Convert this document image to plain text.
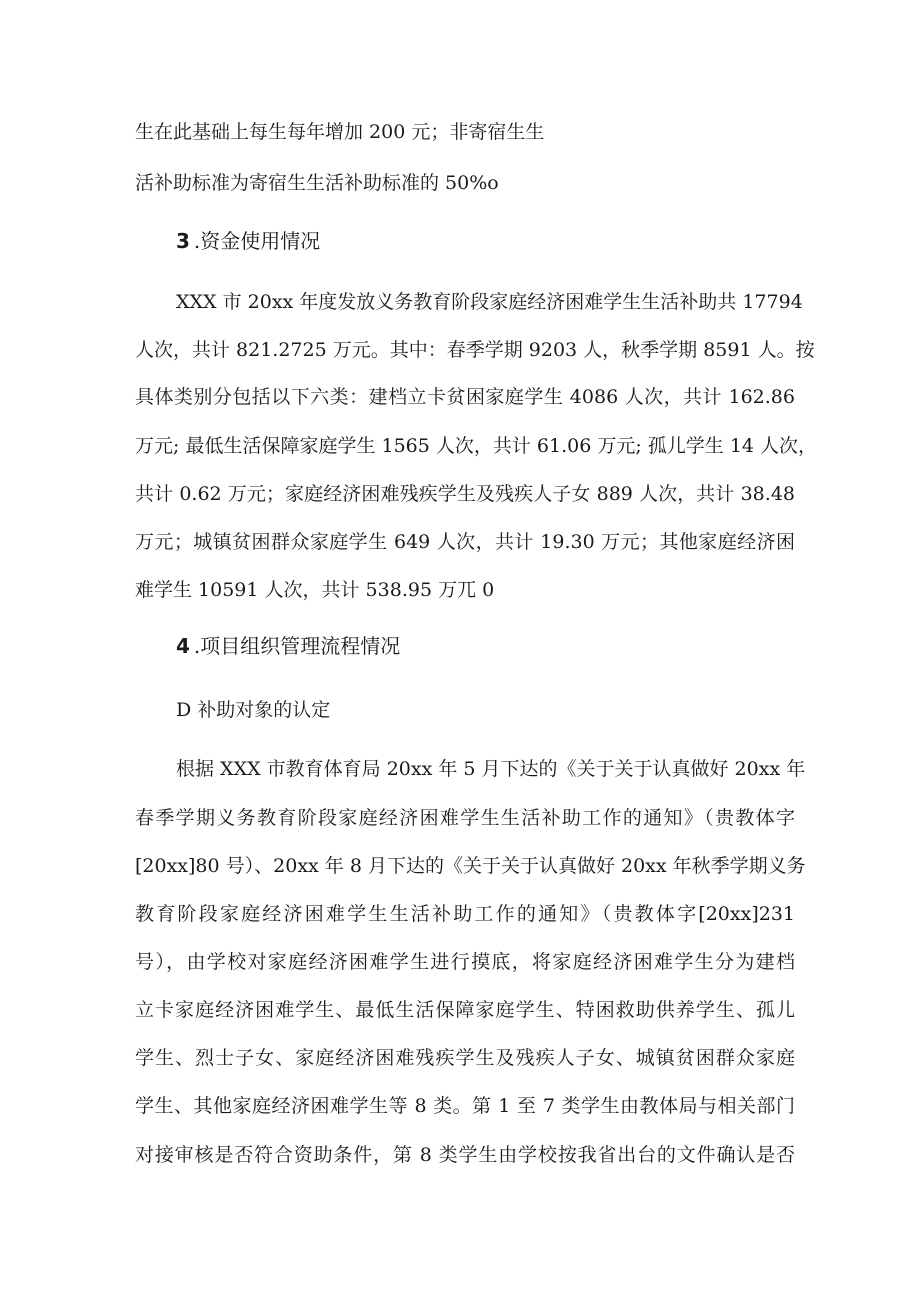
生在此基础上每生每年增加 200 元；非寄宿生生
活补助标准为寄宿生生活补助标准的 50%o
3 .资金使用情况
XXX 市 20xx 年度发放义务教育阶段家庭经济困难学生生活补助共 17794
人次，共计 821.2725 万元。其中：春季学期 9203 人，秋季学期 8591 人。按
具体类别分包括以下六类：建档立卡贫困家庭学生 4086 人次，共计 162.86
万元; 最低生活保障家庭学生 1565 人次，共计 61.06 万元; 孤儿学生 14 人次，
共计 0.62 万元；家庭经济困难残疾学生及残疾人子女 889 人次，共计 38.48
万元；城镇贫困群众家庭学生 649 人次，共计 19.30 万元；其他家庭经济困
难学生 10591 人次，共计 538.95 万兀 0
4 .项目组织管理流程情况
D 补助对象的认定
根据 XXX 市教育体育局 20xx 年 5 月下达的《关于关于认真做好 20xx 年
春季学期义务教育阶段家庭经济困难学生生活补助工作的通知》（贵教体字
[20xx]80 号）、20xx 年 8 月下达的《关于关于认真做好 20xx 年秋季学期义务
教育阶段家庭经济困难学生生活补助工作的通知》（贵教体字[20xx]231
号），由学校对家庭经济困难学生进行摸底，将家庭经济困难学生分为建档
立卡家庭经济困难学生、最低生活保障家庭学生、特困救助供养学生、孤儿
学生、烈士子女、家庭经济困难残疾学生及残疾人子女、城镇贫困群众家庭
学生、其他家庭经济困难学生等 8 类。第 1 至 7 类学生由教体局与相关部门
对接审核是否符合资助条件，第 8 类学生由学校按我省出台的文件确认是否
